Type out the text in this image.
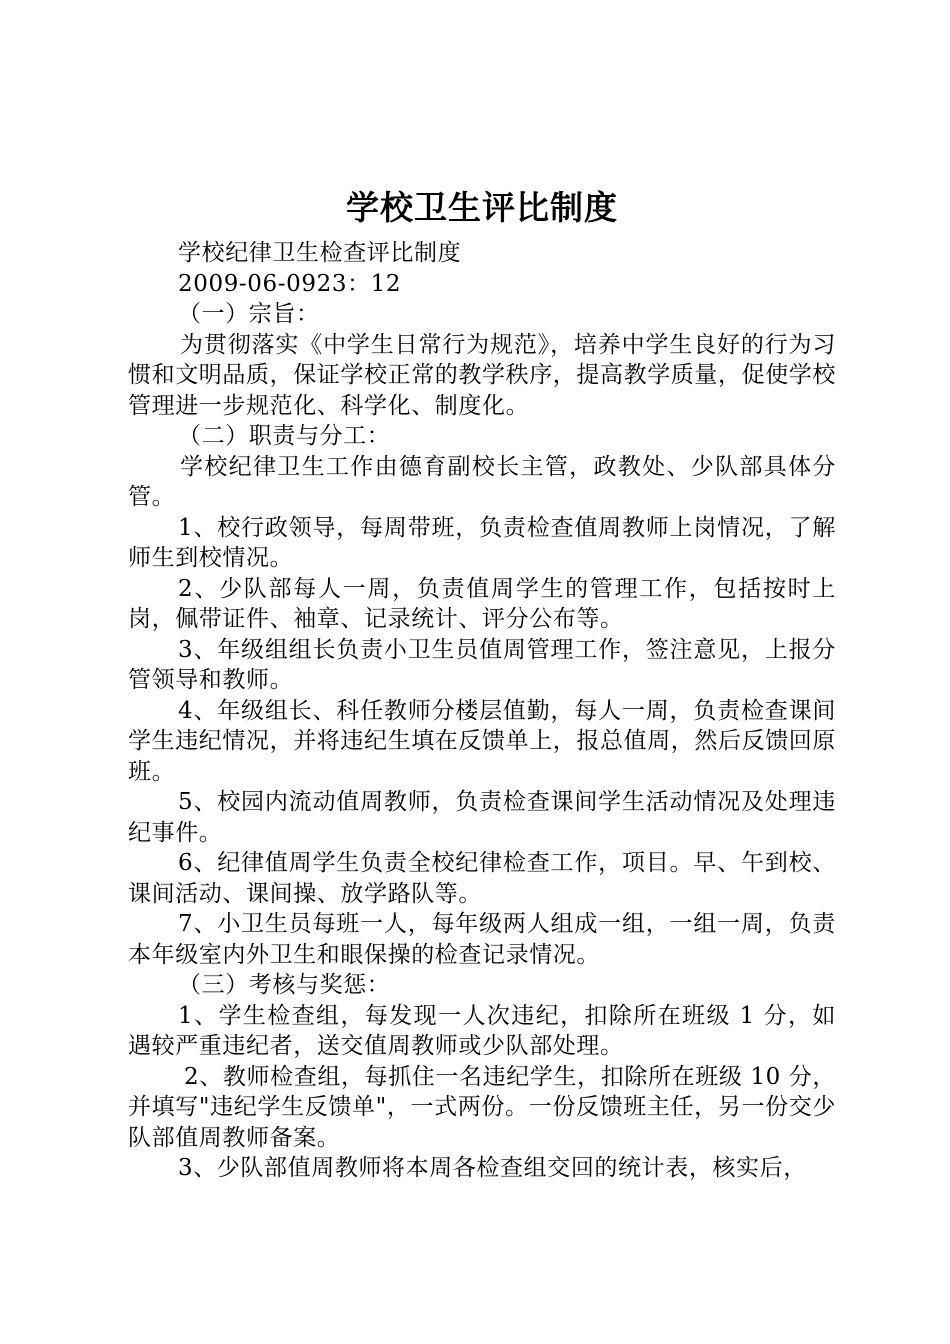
学校卫生评比制度

学校纪律卫生检查评比制度

2009-06-0923：12

（一）宗旨：

为贯彻落实《中学生日常行为规范》，培养中学生良好的行为习惯和文明品质，保证学校正常的教学秩序，提高教学质量，促使学校管理进一步规范化、科学化、制度化。

（二）职责与分工：

学校纪律卫生工作由德育副校长主管，政教处、少队部具体分管。

1、校行政领导，每周带班，负责检查值周教师上岗情况，了解师生到校情况。

2、少队部每人一周，负责值周学生的管理工作，包括按时上岗，佩带证件、袖章、记录统计、评分公布等。

3、年级组组长负责小卫生员值周管理工作，签注意见，上报分管领导和教师。

4、年级组长、科任教师分楼层值勤，每人一周，负责检查课间学生违纪情况，并将违纪生填在反馈单上，报总值周，然后反馈回原班。

5、校园内流动值周教师，负责检查课间学生活动情况及处理违纪事件。

6、纪律值周学生负责全校纪律检查工作，项目。早、午到校、课间活动、课间操、放学路队等。

7、小卫生员每班一人，每年级两人组成一组，一组一周，负责本年级室内外卫生和眼保操的检查记录情况。

（三）考核与奖惩：

1、学生检查组，每发现一人次违纪，扣除所在班级 1 分，如遇较严重违纪者，送交值周教师或少队部处理。

2、教师检查组，每抓住一名违纪学生，扣除所在班级 10 分，并填写"违纪学生反馈单"，一式两份。一份反馈班主任，另一份交少队部值周教师备案。

3、少队部值周教师将本周各检查组交回的统计表，核实后，
